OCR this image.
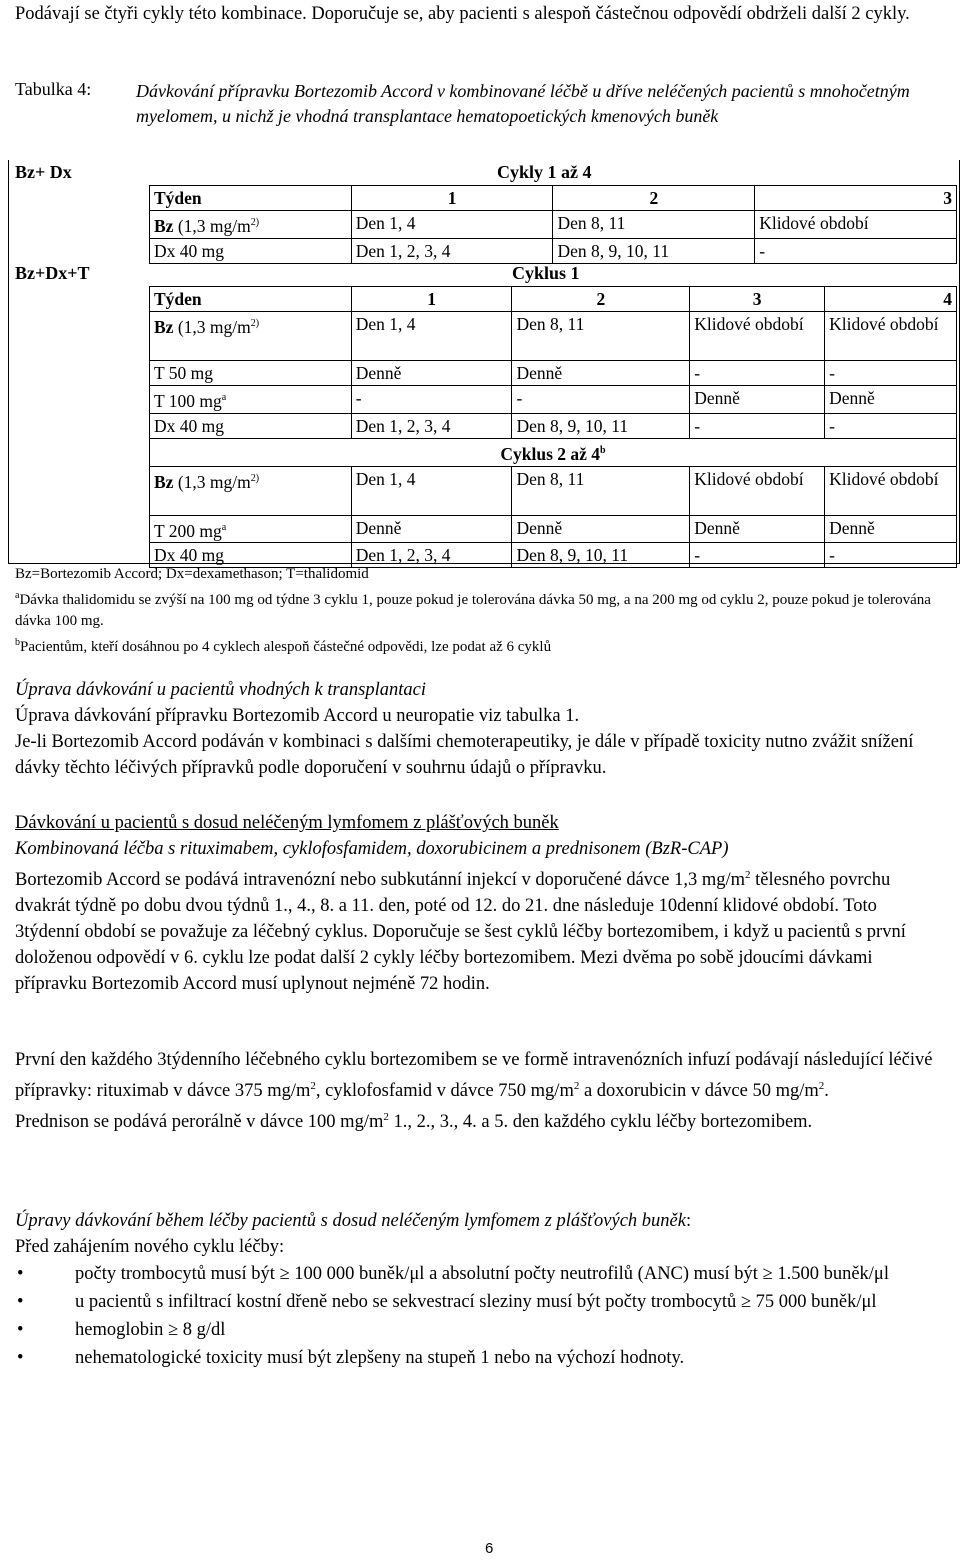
Podávají se čtyři cykly této kombinace. Doporučuje se, aby pacienti s alespoň částečnou odpovědí obdrželi další 2 cykly.

Tabulka 4: Dávkování přípravku Bortezomib Accord v kombinované léčbě u dříve neléčených pacientů s mnohočetným myelomem, u nichž je vhodná transplantace hematopoetických kmenových buněk
Bz+ Dx	Cykly 1 až 4
Týden	1	2	3
Bz (1,3 $mg/m^{2)}$	Den 1, 4	Den 8, 11	Klidové období
Dx 40 mg	Den 1, 2, 3, 4	Den 8, 9, 10, 11	-
Bz+Dx+T	Cyklus 1
Týden	1	2	3	4
Bz (1,3 $mg/m^{2)}$	Den 1, 4	Den 8, 11	Klidové období	Klidové období
T 50 mg	Denně	Denně	-	-
T 100 $mg^a$	-	-	Denně	Denně
Dx 40 mg	Den 1, 2, 3, 4	Den 8, 9, 10, 11	-	-
Cyklus 2 až 4$^b$
Bz (1,3 $mg/m^{2)}$	Den 1, 4	Den 8, 11	Klidové období	Klidové období
T 200 $mg^a$	Denně	Denně	Denně	Denně
Dx 40 mg	Den 1, 2, 3, 4	Den 8, 9, 10, 11	-	-
Bz=Bortezomib Accord; Dx=dexamethason; T=thalidomid
$^a$Dávka thalidomidu se zvýší na 100 mg od týdne 3 cyklu 1, pouze pokud je tolerována dávka 50 mg, a na 200 mg od cyklu 2, pouze pokud je tolerována dávka 100 mg.
$^b$Pacientům, kteří dosáhnou po 4 cyklech alespoň částečné odpovědi, lze podat až 6 cyklů

Úprava dávkování u pacientů vhodných k transplantaci

Úprava dávkování přípravku Bortezomib Accord u neuropatie viz tabulka 1.

Je-li Bortezomib Accord podáván v kombinaci s dalšími chemoterapeutiky, je dále v případě toxicity nutno zvážit snížení dávky těchto léčivých přípravků podle doporučení v souhrnu údajů o přípravku.

Dávkování u pacientů s dosud neléčeným lymfomem z plášťových buněk

Kombinovaná léčba s rituximabem, cyklofosfamidem, doxorubicinem a prednisonem (BzR-CAP)

Bortezomib Accord se podává intravenózní nebo subkutánní injekcí v doporučené dávce 1,3 $mg/m^2$ tělesného povrchu dvakrát týdně po dobu dvou týdnů 1., 4., 8. a 11. den, poté od 12. do 21. dne následuje 10denní klidové období. Toto 3týdenní období se považuje za léčebný cyklus. Doporučuje se šest cyklů léčby bortezomibem, i když u pacientů s první doloženou odpovědí v 6. cyklu lze podat další 2 cykly léčby bortezomibem. Mezi dvěma po sobě jdoucími dávkami přípravku Bortezomib Accord musí uplynout nejméně 72 hodin.

První den každého 3týdenního léčebného cyklu bortezomibem se ve formě intravenózních infuzí podávají následující léčivé přípravky: rituximab v dávce 375 $mg/m^2$, cyklofosfamid v dávce 750 $mg/m^2$ a doxorubicin v dávce 50 $mg/m^2$.

Prednison se podává perorálně v dávce 100 $mg/m^2$ 1., 2., 3., 4. a 5. den každého cyklu léčby bortezomibem.

Úpravy dávkování během léčby pacientů s dosud neléčeným lymfomem z plášťových buněk:

Před zahájením nového cyklu léčby:

•	počty trombocytů musí být ≥ 100 000 buněk/μl a absolutní počty neutrofilů (ANC) musí být ≥ 1.500 buněk/μl
•	u pacientů s infiltrací kostní dřeně nebo se sekvestrací sleziny musí být počty trombocytů ≥ 75 000 buněk/μl
•	hemoglobin ≥ 8 g/dl
•	nehematologické toxicity musí být zlepšeny na stupeň 1 nebo na výchozí hodnoty.
6
